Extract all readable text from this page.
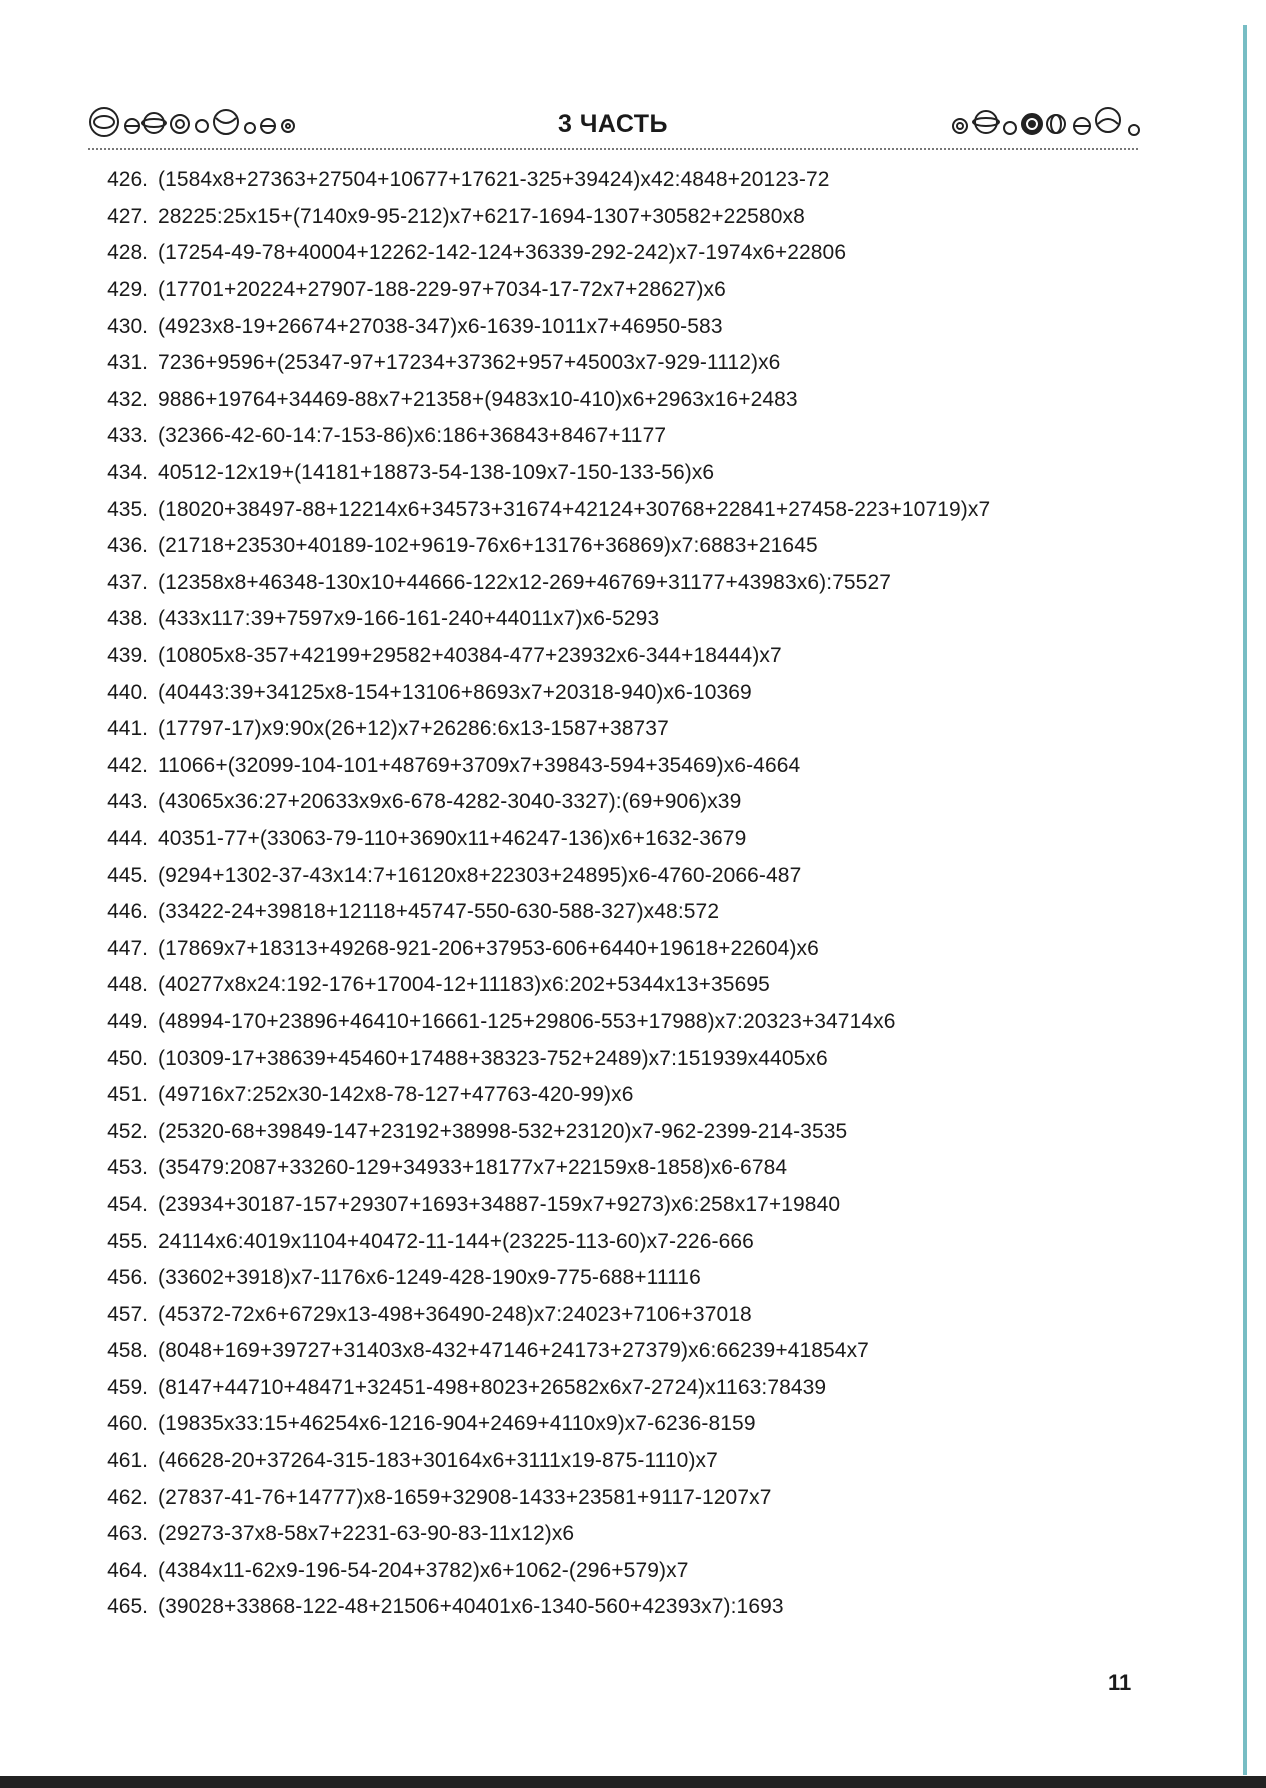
3 ЧАСТЬ
426. (1584x8+27363+27504+10677+17621-325+39424)x42:4848+20123-72
427. 28225:25x15+(7140x9-95-212)x7+6217-1694-1307+30582+22580x8
428. (17254-49-78+40004+12262-142-124+36339-292-242)x7-1974x6+22806
429. (17701+20224+27907-188-229-97+7034-17-72x7+28627)x6
430. (4923x8-19+26674+27038-347)x6-1639-1011x7+46950-583
431. 7236+9596+(25347-97+17234+37362+957+45003x7-929-1112)x6
432. 9886+19764+34469-88x7+21358+(9483x10-410)x6+2963x16+2483
433. (32366-42-60-14:7-153-86)x6:186+36843+8467+1177
434. 40512-12x19+(14181+18873-54-138-109x7-150-133-56)x6
435. (18020+38497-88+12214x6+34573+31674+42124+30768+22841+27458-223+10719)x7
436. (21718+23530+40189-102+9619-76x6+13176+36869)x7:6883+21645
437. (12358x8+46348-130x10+44666-122x12-269+46769+31177+43983x6):75527
438. (433x117:39+7597x9-166-161-240+44011x7)x6-5293
439. (10805x8-357+42199+29582+40384-477+23932x6-344+18444)x7
440. (40443:39+34125x8-154+13106+8693x7+20318-940)x6-10369
441. (17797-17)x9:90x(26+12)x7+26286:6x13-1587+38737
442. 11066+(32099-104-101+48769+3709x7+39843-594+35469)x6-4664
443. (43065x36:27+20633x9x6-678-4282-3040-3327):(69+906)x39
444. 40351-77+(33063-79-110+3690x11+46247-136)x6+1632-3679
445. (9294+1302-37-43x14:7+16120x8+22303+24895)x6-4760-2066-487
446. (33422-24+39818+12118+45747-550-630-588-327)x48:572
447. (17869x7+18313+49268-921-206+37953-606+6440+19618+22604)x6
448. (40277x8x24:192-176+17004-12+11183)x6:202+5344x13+35695
449. (48994-170+23896+46410+16661-125+29806-553+17988)x7:20323+34714x6
450. (10309-17+38639+45460+17488+38323-752+2489)x7:151939x4405x6
451. (49716x7:252x30-142x8-78-127+47763-420-99)x6
452. (25320-68+39849-147+23192+38998-532+23120)x7-962-2399-214-3535
453. (35479:2087+33260-129+34933+18177x7+22159x8-1858)x6-6784
454. (23934+30187-157+29307+1693+34887-159x7+9273)x6:258x17+19840
455. 24114x6:4019x1104+40472-11-144+(23225-113-60)x7-226-666
456. (33602+3918)x7-1176x6-1249-428-190x9-775-688+11116
457. (45372-72x6+6729x13-498+36490-248)x7:24023+7106+37018
458. (8048+169+39727+31403x8-432+47146+24173+27379)x6:66239+41854x7
459. (8147+44710+48471+32451-498+8023+26582x6x7-2724)x1163:78439
460. (19835x33:15+46254x6-1216-904+2469+4110x9)x7-6236-8159
461. (46628-20+37264-315-183+30164x6+3111x19-875-1110)x7
462. (27837-41-76+14777)x8-1659+32908-1433+23581+9117-1207x7
463. (29273-37x8-58x7+2231-63-90-83-11x12)x6
464. (4384x11-62x9-196-54-204+3782)x6+1062-(296+579)x7
465. (39028+33868-122-48+21506+40401x6-1340-560+42393x7):1693
11
